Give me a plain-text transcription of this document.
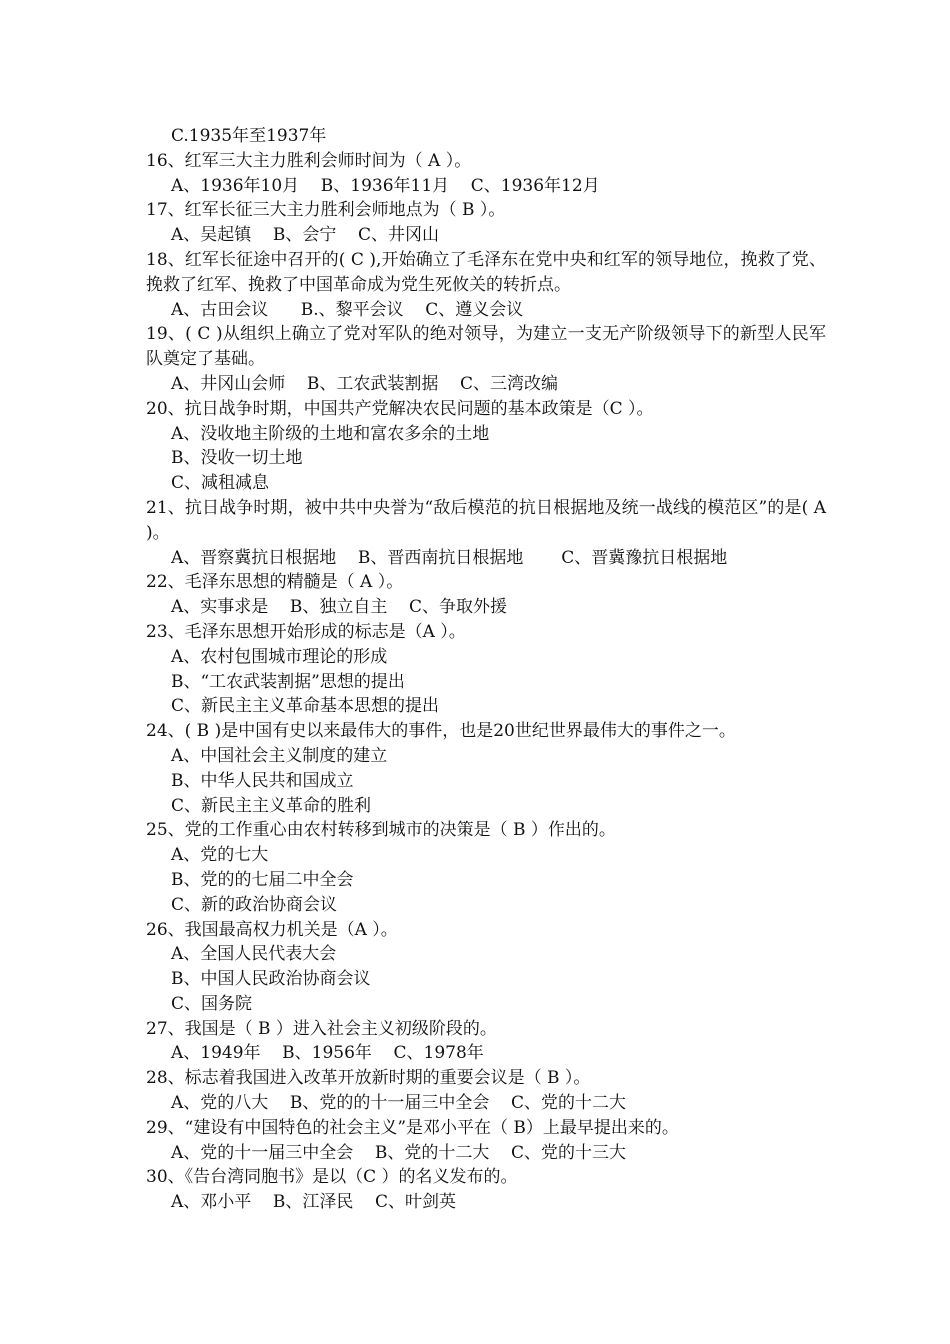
C.1935年至1937年
16、红军三大主力胜利会师时间为（ A ）。
A、1936年10月    B、1936年11月    C、1936年12月
17、红军长征三大主力胜利会师地点为（ B ）。
A、吴起镇    B、会宁    C、井冈山
18、红军长征途中召开的( C ),开始确立了毛泽东在党中央和红军的领导地位，挽救了党、挽救了红军、挽救了中国革命成为党生死攸关的转折点。
A、古田会议      B.、黎平会议    C、遵义会议
19、( C )从组织上确立了党对军队的绝对领导，为建立一支无产阶级领导下的新型人民军队奠定了基础。
A、井冈山会师    B、工农武装割据    C、三湾改编
20、抗日战争时期，中国共产党解决农民问题的基本政策是（C ）。
A、没收地主阶级的土地和富农多余的土地
B、没收一切土地
C、减租减息
21、抗日战争时期，被中共中央誉为“敌后模范的抗日根据地及统一战线的模范区”的是( A )。
A、晋察冀抗日根据地    B、晋西南抗日根据地       C、晋冀豫抗日根据地
22、毛泽东思想的精髓是（ A ）。
A、实事求是    B、独立自主    C、争取外援
23、毛泽东思想开始形成的标志是（A ）。
A、农村包围城市理论的形成
B、“工农武装割据”思想的提出
C、新民主主义革命基本思想的提出
24、( B )是中国有史以来最伟大的事件，也是20世纪世界最伟大的事件之一。
A、中国社会主义制度的建立
B、中华人民共和国成立
C、新民主主义革命的胜利
25、党的工作重心由农村转移到城市的决策是（ B ）作出的。
A、党的七大
B、党的的七届二中全会
C、新的政治协商会议
26、我国最高权力机关是（A ）。
A、全国人民代表大会
B、中国人民政治协商会议
C、国务院
27、我国是（ B ）进入社会主义初级阶段的。
A、1949年    B、1956年    C、1978年
28、标志着我国进入改革开放新时期的重要会议是（ B ）。
A、党的八大    B、党的的十一届三中全会    C、党的十二大
29、“建设有中国特色的社会主义”是邓小平在（ B）上最早提出来的。
A、党的十一届三中全会    B、党的十二大    C、党的十三大
30、《告台湾同胞书》是以（C ）的名义发布的。
A、邓小平    B、江泽民    C、叶剑英
